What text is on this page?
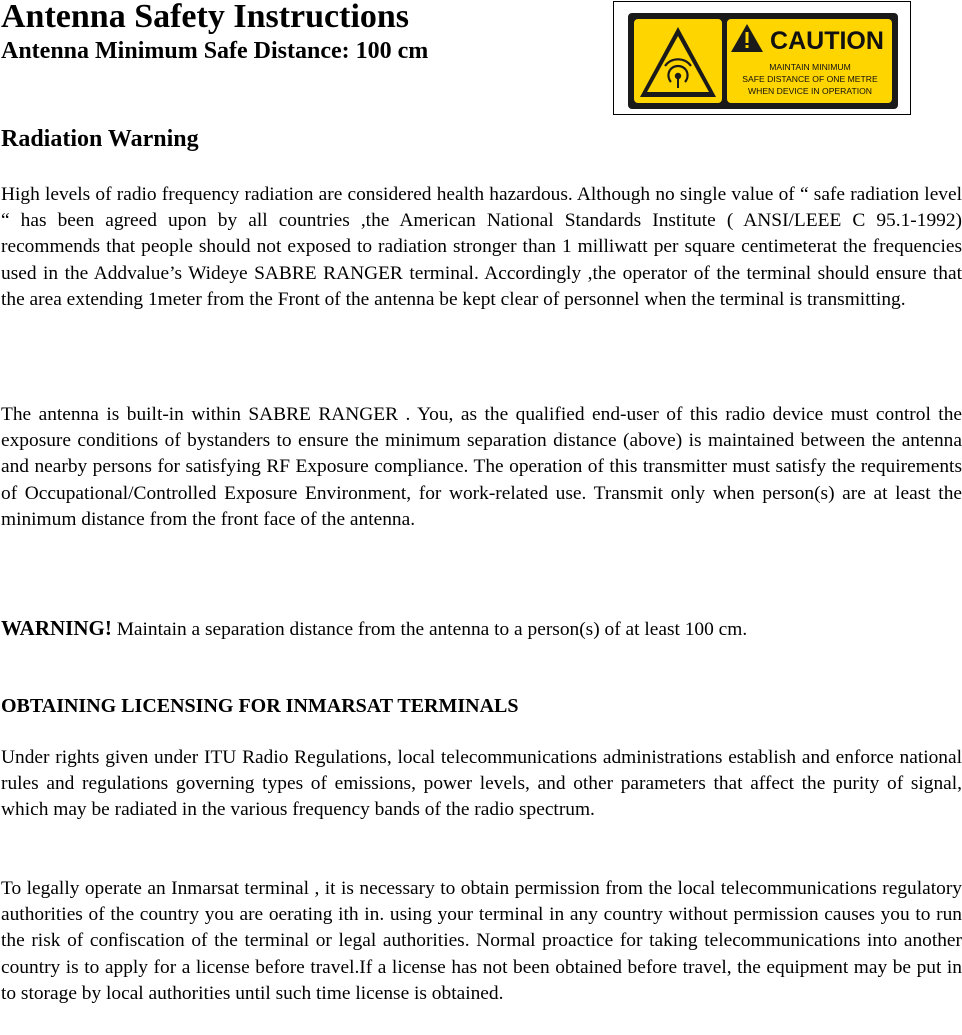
Antenna Safety Instructions
Antenna Minimum Safe Distance: 100 cm	CAUTION
MAINTAIN MINIMUM
SAFE DISTANCE OF ONE METRE
WHEN DEVICE IN OPERATION
Radiation Warning

High levels of radio frequency radiation are considered health hazardous. Although no single value of “ safe radiation level “ has been agreed upon by all countries ,the American National Standards Institute ( ANSI/LEEE C 95.1-1992) recommends that people should not exposed to radiation stronger than 1 milliwatt per square centimeterat the frequencies used in the Addvalue’s Wideye SABRE RANGER terminal. Accordingly ,the operator of the terminal should ensure that the area extending 1meter from the Front of the antenna be kept clear of personnel when the terminal is transmitting.

The antenna is built-in within SABRE RANGER . You, as the qualified end-user of this radio device must control the exposure conditions of bystanders to ensure the minimum separation distance (above) is maintained between the antenna and nearby persons for satisfying RF Exposure compliance. The operation of this transmitter must satisfy the requirements of Occupational/Controlled Exposure Environment, for work-related use. Transmit only when person(s) are at least the minimum distance from the front face of the antenna.

WARNING! Maintain a separation distance from the antenna to a person(s) of at least 100 cm.

OBTAINING LICENSING FOR INMARSAT TERMINALS

Under rights given under ITU Radio Regulations, local telecommunications administrations establish and enforce national rules and regulations governing types of emissions, power levels, and other parameters that affect the purity of signal, which may be radiated in the various frequency bands of the radio spectrum.

To legally operate an Inmarsat terminal , it is necessary to obtain permission from the local telecommunications regulatory authorities of the country you are oerating ith in. using your terminal in any country without permission causes you to run the risk of confiscation of the terminal or legal authorities. Normal proactice for taking telecommunications into another country is to apply for a license before travel.If a license has not been obtained before travel, the equipment may be put in to storage by local authorities until such time license is obtained.
